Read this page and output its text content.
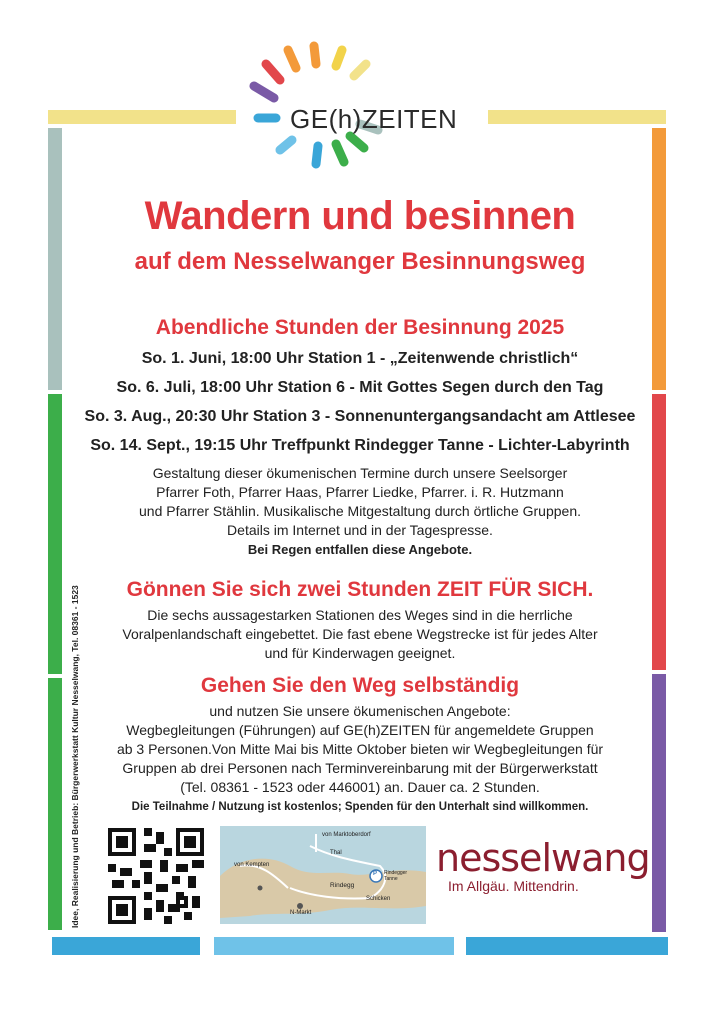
GE(h)ZEITEN
Wandern und besinnen
auf dem Nesselwanger Besinnungsweg
Abendliche Stunden der Besinnung 2025
So. 1. Juni, 18:00 Uhr Station 1 - „Zeitenwende christlich“
So. 6. Juli, 18:00 Uhr Station 6 - Mit Gottes Segen durch den Tag
So. 3. Aug., 20:30 Uhr Station 3 - Sonnenuntergangsandacht am Attlesee
So. 14. Sept., 19:15 Uhr Treffpunkt Rindegger Tanne - Lichter-Labyrinth
Gestaltung dieser ökumenischen Termine durch unsere Seelsorger
Pfarrer Foth, Pfarrer Haas, Pfarrer Liedke, Pfarrer. i. R. Hutzmann
und Pfarrer Stählin. Musikalische Mitgestaltung durch örtliche Gruppen.
Details im Internet und in der Tagespresse.
Bei Regen entfallen diese Angebote.
Gönnen Sie sich zwei Stunden ZEIT FÜR SICH.
Die sechs aussagestarken Stationen des Weges sind in die herrliche
Voralpenlandschaft eingebettet. Die fast ebene Wegstrecke ist für jedes Alter
und für Kinderwagen geeignet.
Gehen Sie den Weg selbständig
und nutzen Sie unsere ökumenischen Angebote:
Wegbegleitungen (Führungen) auf GE(h)ZEITEN für angemeldete Gruppen
ab 3 Personen.Von Mitte Mai bis Mitte Oktober bieten wir Wegbegleitungen für
Gruppen ab drei Personen nach Terminvereinbarung mit der Bürgerwerkstatt
(Tel. 08361 - 1523 oder 446001) an. Dauer ca. 2 Stunden.
Die Teilnahme / Nutzung ist kostenlos; Spenden für den Unterhalt sind willkommen.
Idee, Realisierung und Betrieb: Bürgerwerkstatt Kultur Nesselwang, Tel. 08361 - 1523	von Marktoberdorf
Thal
von Kempten
Rindegg
P Rindegger Tanne
Schicken
N-Markt
nesselwang
Im Allgäu. Mittendrin.
